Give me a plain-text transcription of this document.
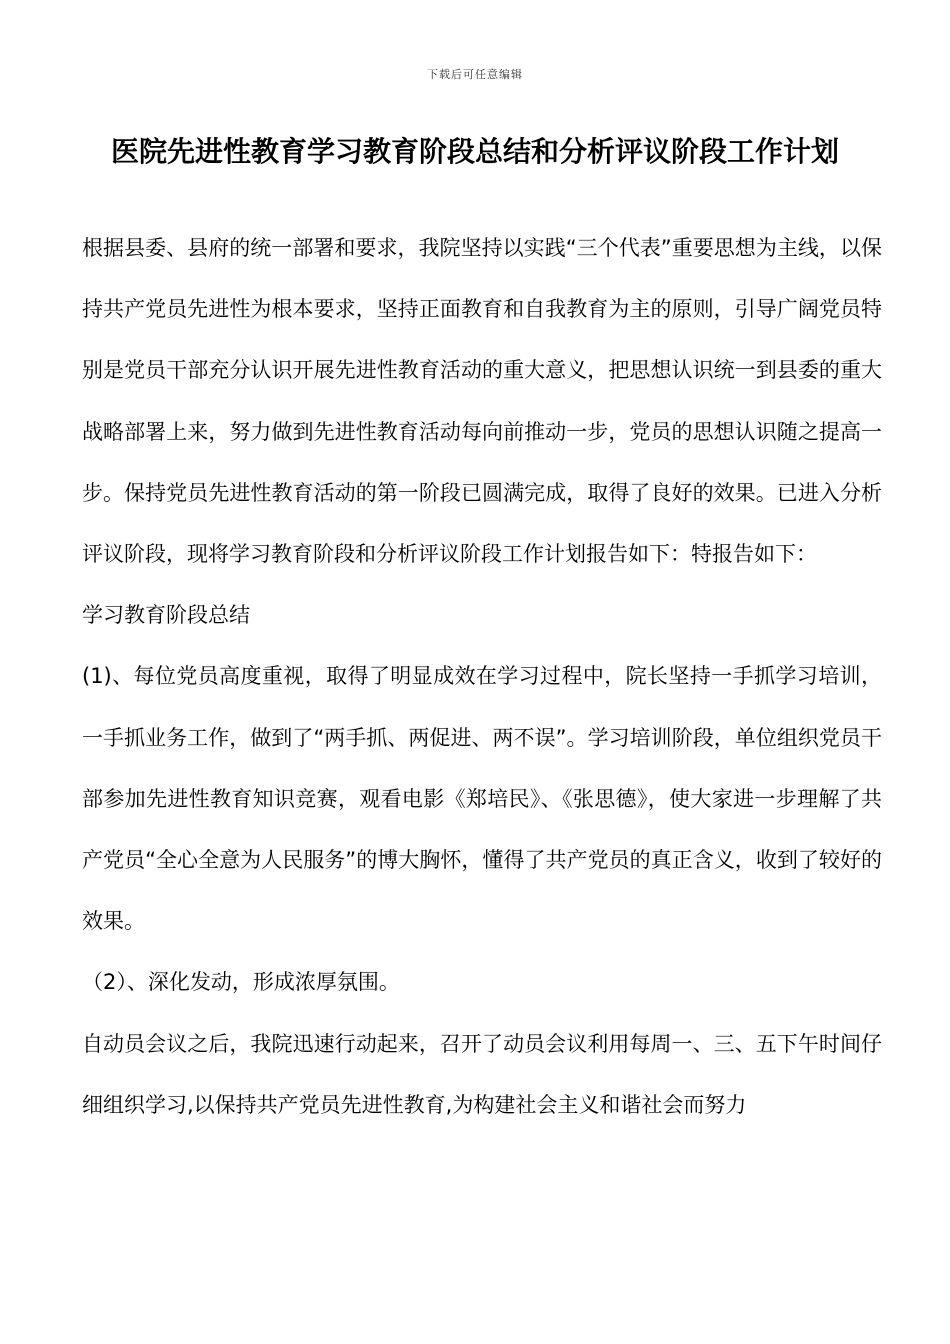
下载后可任意编辑
医院先进性教育学习教育阶段总结和分析评议阶段工作计划

根据县委、县府的统一部署和要求，我院坚持以实践“三个代表”重要思想为主线，以保持共产党员先进性为根本要求，坚持正面教育和自我教育为主的原则，引导广阔党员特别是党员干部充分认识开展先进性教育活动的重大意义，把思想认识统一到县委的重大战略部署上来，努力做到先进性教育活动每向前推动一步，党员的思想认识随之提高一步。保持党员先进性教育活动的第一阶段已圆满完成，取得了良好的效果。已进入分析评议阶段，现将学习教育阶段和分析评议阶段工作计划报告如下：特报告如下：

学习教育阶段总结

(1)、每位党员高度重视，取得了明显成效在学习过程中，院长坚持一手抓学习培训，一手抓业务工作，做到了“两手抓、两促进、两不误”。学习培训阶段，单位组织党员干部参加先进性教育知识竞赛，观看电影《郑培民》、《张思德》，使大家进一步理解了共产党员“全心全意为人民服务”的博大胸怀，懂得了共产党员的真正含义，收到了较好的效果。

（2）、深化发动，形成浓厚氛围。

自动员会议之后，我院迅速行动起来，召开了动员会议利用每周一、三、五下午时间仔细组织学习,以保持共产党员先进性教育,为构建社会主义和谐社会而努力
